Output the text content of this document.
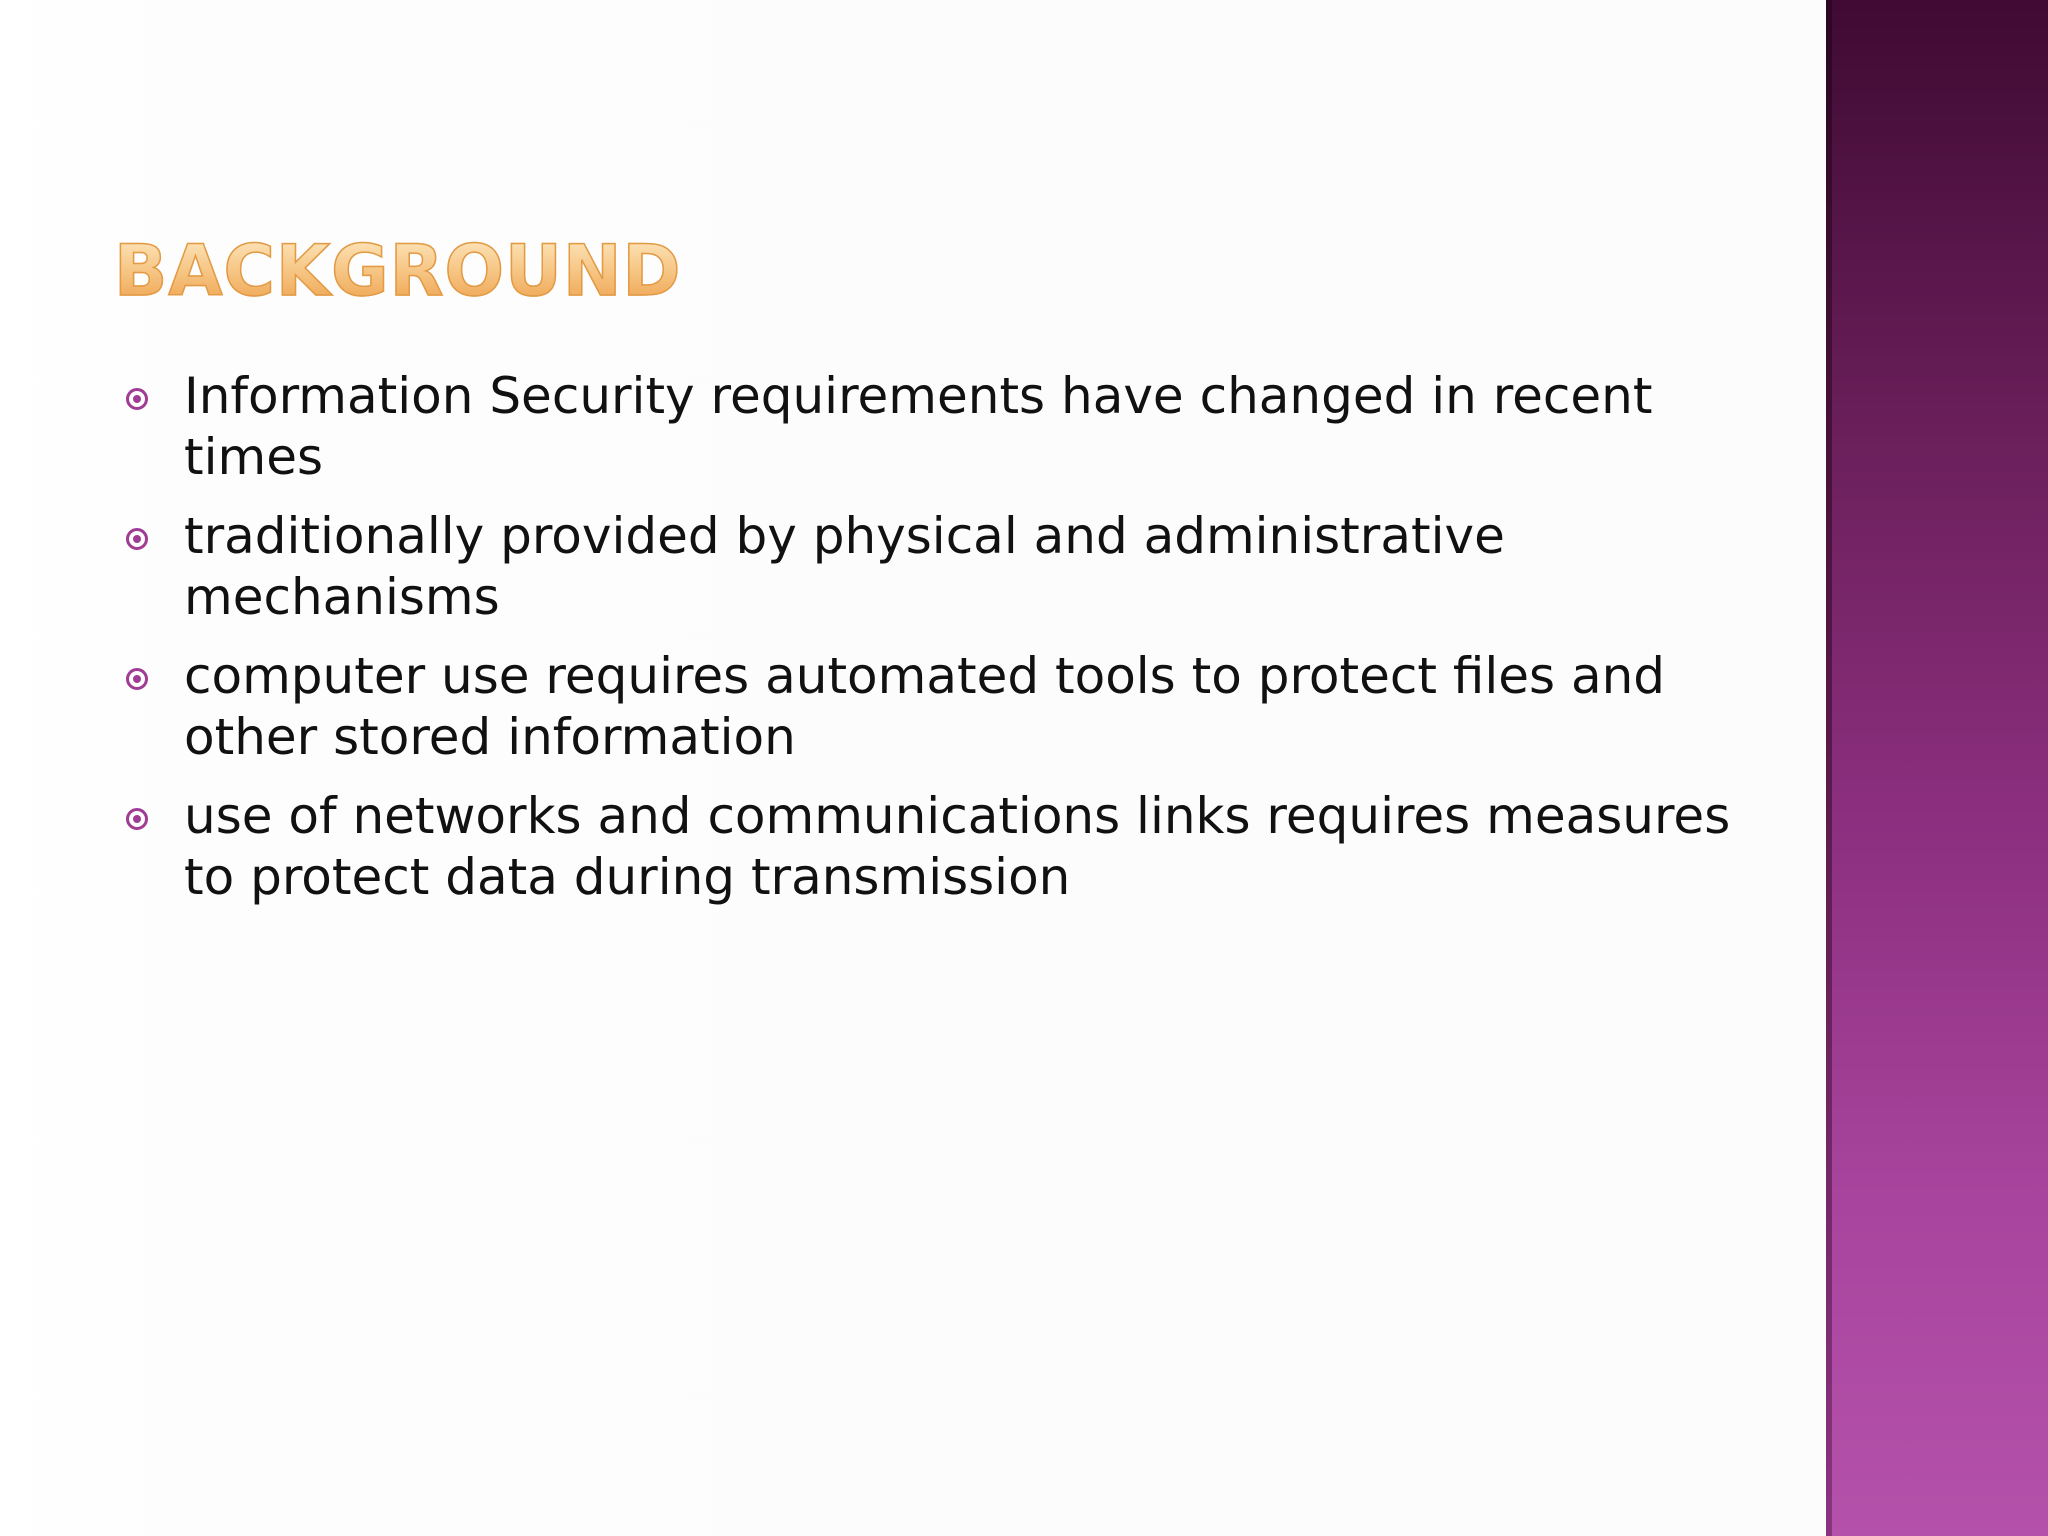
BACKGROUND
Information Security requirements have changed in recent times
traditionally provided by physical and administrative mechanisms
computer use requires automated tools to protect files and other stored information
use of networks and communications links requires measures to protect data during transmission
